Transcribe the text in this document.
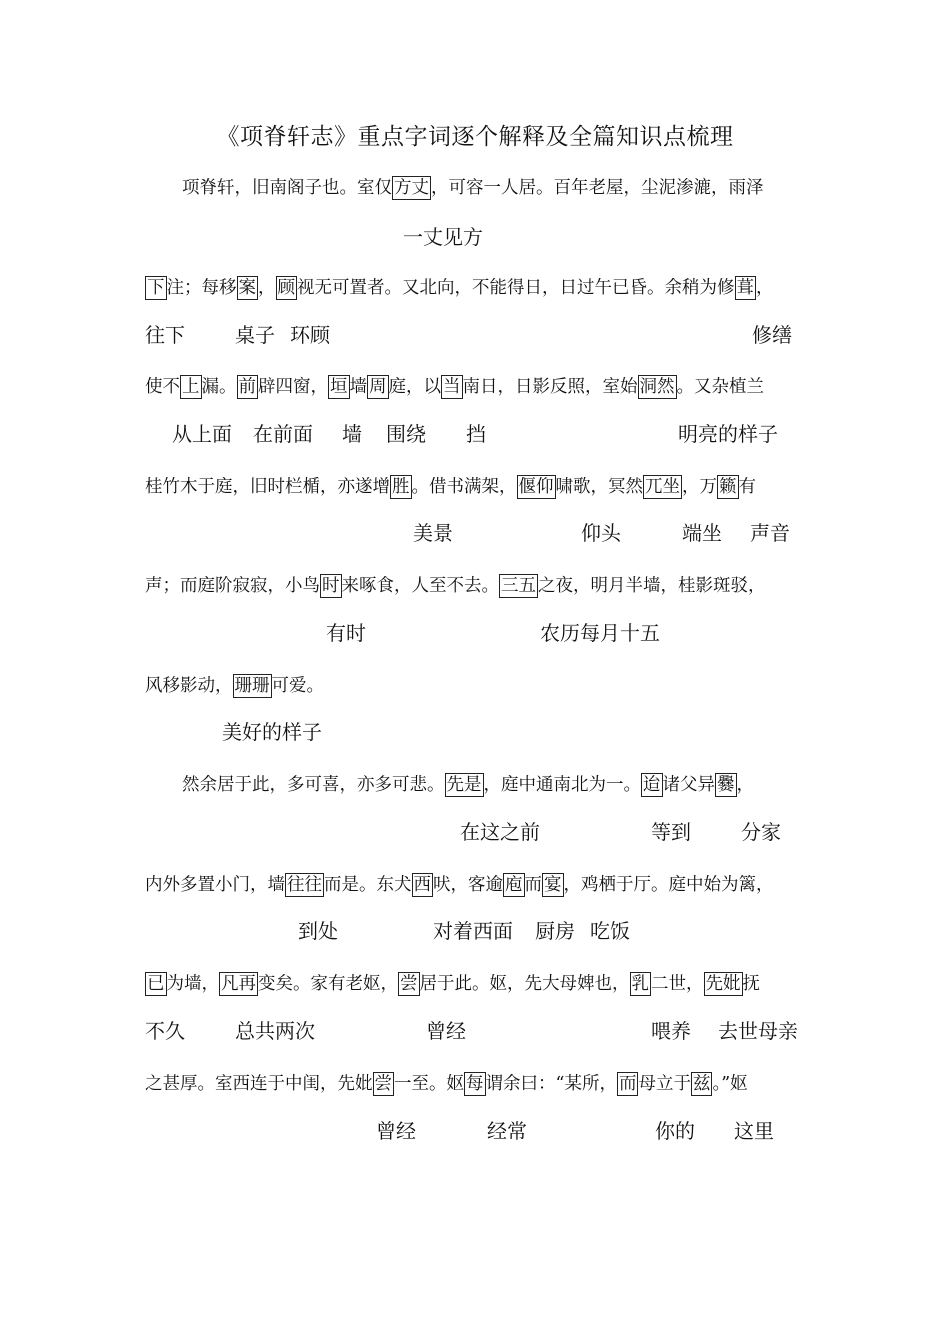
《项脊轩志》重点字词逐个解释及全篇知识点梳理
项脊轩，旧南阁子也。室仅 方丈 ，可容一人居。百年老屋，尘泥渗漉，雨泽
下 注；每移 案 ， 顾 视无可置者。又北向，不能得日，日过午已昏。余稍为修 葺 ，
使不 上 漏。 前 辟四窗， 垣 墙 周 庭，以 当 南日，日影反照，室始 洞然 。又杂植兰
桂竹木于庭，旧时栏楯，亦遂增 胜 。借书满架， 偃仰 啸歌，冥然 兀坐 ，万 籁 有
声；而庭阶寂寂，小鸟 时 来啄食，人至不去。 三五 之夜，明月半墙，桂影斑驳，
风移影动， 珊珊 可爱。
然余居于此，多可喜，亦多可悲。 先是 ，庭中通南北为一。 迨 诸父异 爨 ，
内外多置小门，墙 往往 而是。东犬 西 吠，客逾 庖 而 宴 ，鸡栖于厅。庭中始为篱，
已 为墙， 凡再 变矣。家有老妪， 尝 居于此。妪，先大母婢也， 乳 二世， 先妣 抚
之甚厚。室西连于中闺，先妣 尝 一至。妪 每 谓余曰：“某所， 而 母立于 兹 。”妪
一丈见方
往下	桌子 环顾	修缮
从上面 在前面 墙 围绕 挡	明亮的样子
美景	仰头	端坐 声音
有时	农历每月十五
美好的样子
在这之前	等到	分家
到处	对着西面 厨房 吃饭
不久	总共两次	曾经	喂养 去世母亲
曾经	经常	你的 这里
